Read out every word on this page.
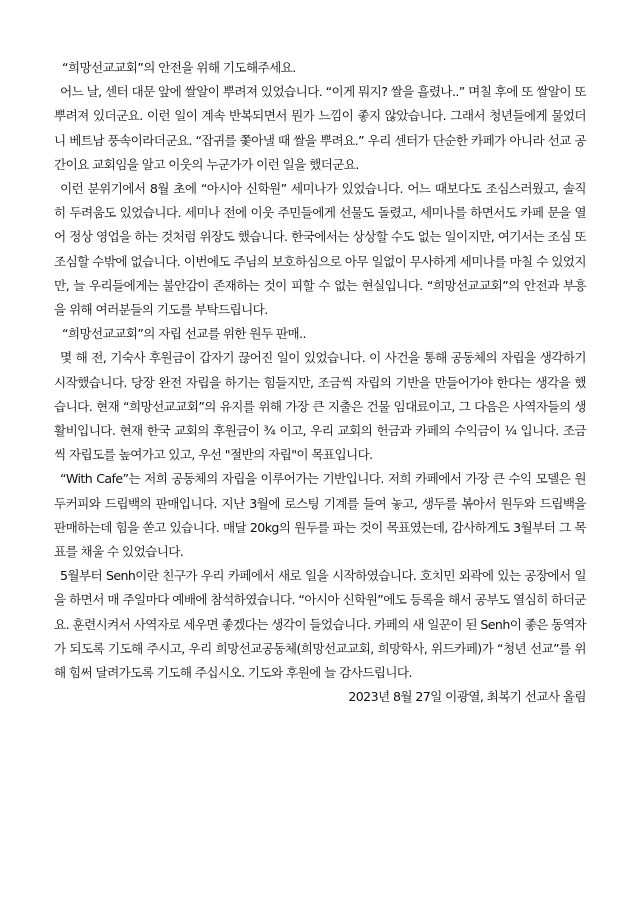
“희망선교교회”의 안전을 위해 기도해주세요.

어느 날, 센터 대문 앞에 쌀알이 뿌려져 있었습니다. “이게 뭐지? 쌀을 흘렸나..” 며칠 후에 또 쌀알이 또 뿌려져 있더군요. 이런 일이 계속 반복되면서 뭔가 느낌이 좋지 않았습니다. 그래서 청년들에게 물었더니 베트남 풍속이라더군요. “잡귀를 쫓아낼 때 쌀을 뿌려요.” 우리 센터가 단순한 카페가 아니라 선교 공간이요 교회임을 알고 이웃의 누군가가 이런 일을 했더군요.

이런 분위기에서 8월 초에 “아시아 신학원” 세미나가 있었습니다. 어느 때보다도 조심스러웠고, 솔직히 두려움도 있었습니다. 세미나 전에 이웃 주민들에게 선물도 돌렸고, 세미나를 하면서도 카페 문을 열어 정상 영업을 하는 것처럼 위장도 했습니다. 한국에서는 상상할 수도 없는 일이지만, 여기서는 조심 또 조심할 수밖에 없습니다. 이번에도 주님의 보호하심으로 아무 일없이 무사하게 세미나를 마칠 수 있었지만, 늘 우리들에게는 불안감이 존재하는 것이 피할 수 없는 현실입니다. “희망선교교회”의 안전과 부흥을 위해 여러분들의 기도를 부탁드립니다.

“희망선교교회”의 자립 선교를 위한 원두 판매..

몇 해 전, 기숙사 후원금이 갑자기 끊어진 일이 있었습니다. 이 사건을 통해 공동체의 자립을 생각하기 시작했습니다. 당장 완전 자립을 하기는 힘들지만, 조금씩 자립의 기반을 만들어가야 한다는 생각을 했습니다. 현재 “희망선교교회”의 유지를 위해 가장 큰 지출은 건물 임대료이고, 그 다음은 사역자들의 생활비입니다. 현재 한국 교회의 후원금이 ¾ 이고, 우리 교회의 헌금과 카페의 수익금이 ¼ 입니다. 조금씩 자립도를 높여가고 있고, 우선 "절반의 자립"이 목표입니다.

“With Cafe”는 저희 공동체의 자립을 이루어가는 기반입니다. 저희 카페에서 가장 큰 수익 모델은 원두커피와 드립백의 판매입니다. 지난 3월에 로스팅 기계를 들여 놓고, 생두를 볶아서 원두와 드립백을 판매하는데 힘을 쏟고 있습니다. 매달 20kg의 원두를 파는 것이 목표였는데, 감사하게도 3월부터 그 목표를 채울 수 있었습니다.

5월부터 Senh이란 친구가 우리 카페에서 새로 일을 시작하였습니다. 호치민 외곽에 있는 공장에서 일을 하면서 매 주일마다 예배에 참석하였습니다. “아시아 신학원”에도 등록을 해서 공부도 열심히 하더군요. 훈련시켜서 사역자로 세우면 좋겠다는 생각이 들었습니다. 카페의 새 일꾼이 된 Senh이 좋은 동역자가 되도록 기도해 주시고, 우리 희망선교공동체(희망선교교회, 희망학사, 위드카페)가 “청년 선교”를 위해 힘써 달려가도록 기도해 주십시오. 기도와 후원에 늘 감사드립니다.

2023년 8월 27일 이광열, 최복기 선교사 올림
